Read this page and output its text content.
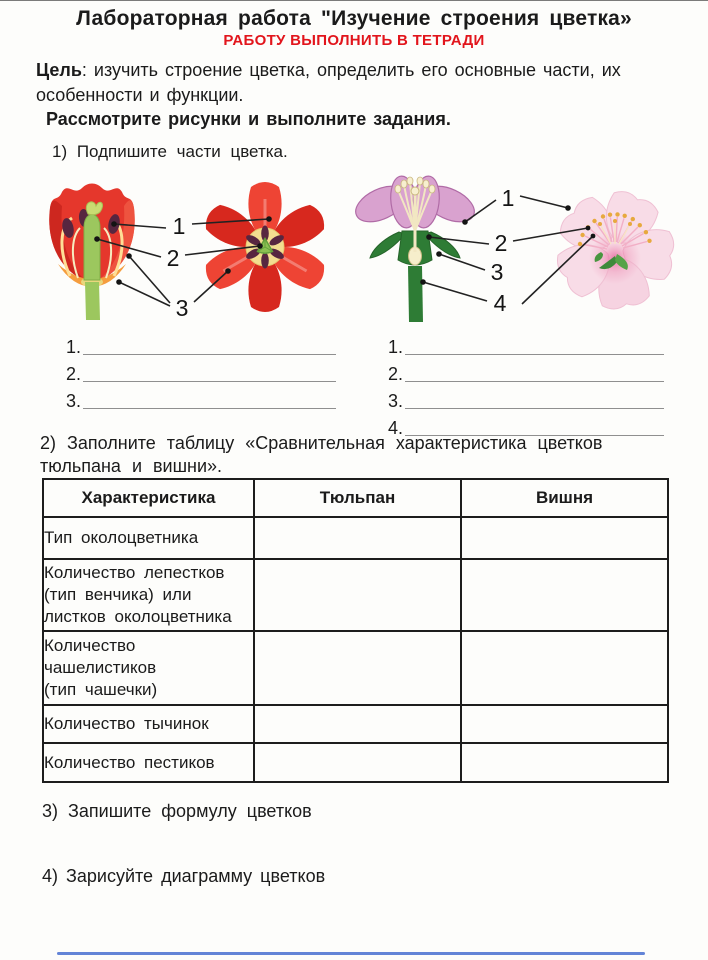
Лабораторная работа "Изучение строения цветка»
РАБОТУ ВЫПОЛНИТЬ В ТЕТРАДИ
Цель: изучить строение цветка, определить его основные части, их особенности и функции.
Рассмотрите рисунки и выполните задания.
1) Подпишите части цветка.
1
2
3
1
2
3
4
1.
2.
3.
1.
2.
3.
4.
2) Заполните таблицу «Сравнительная характеристика цветков тюльпана и вишни».
Характеристика	Тюльпан	Вишня

Тип околоцветника		

Количество лепестков
(тип венчика) или
листков околоцветника		

Количество
чашелистиков
(тип чашечки)		

Количество тычинок		

Количество пестиков		

3) Запишите формулу цветков
4) Зарисуйте диаграмму цветков
